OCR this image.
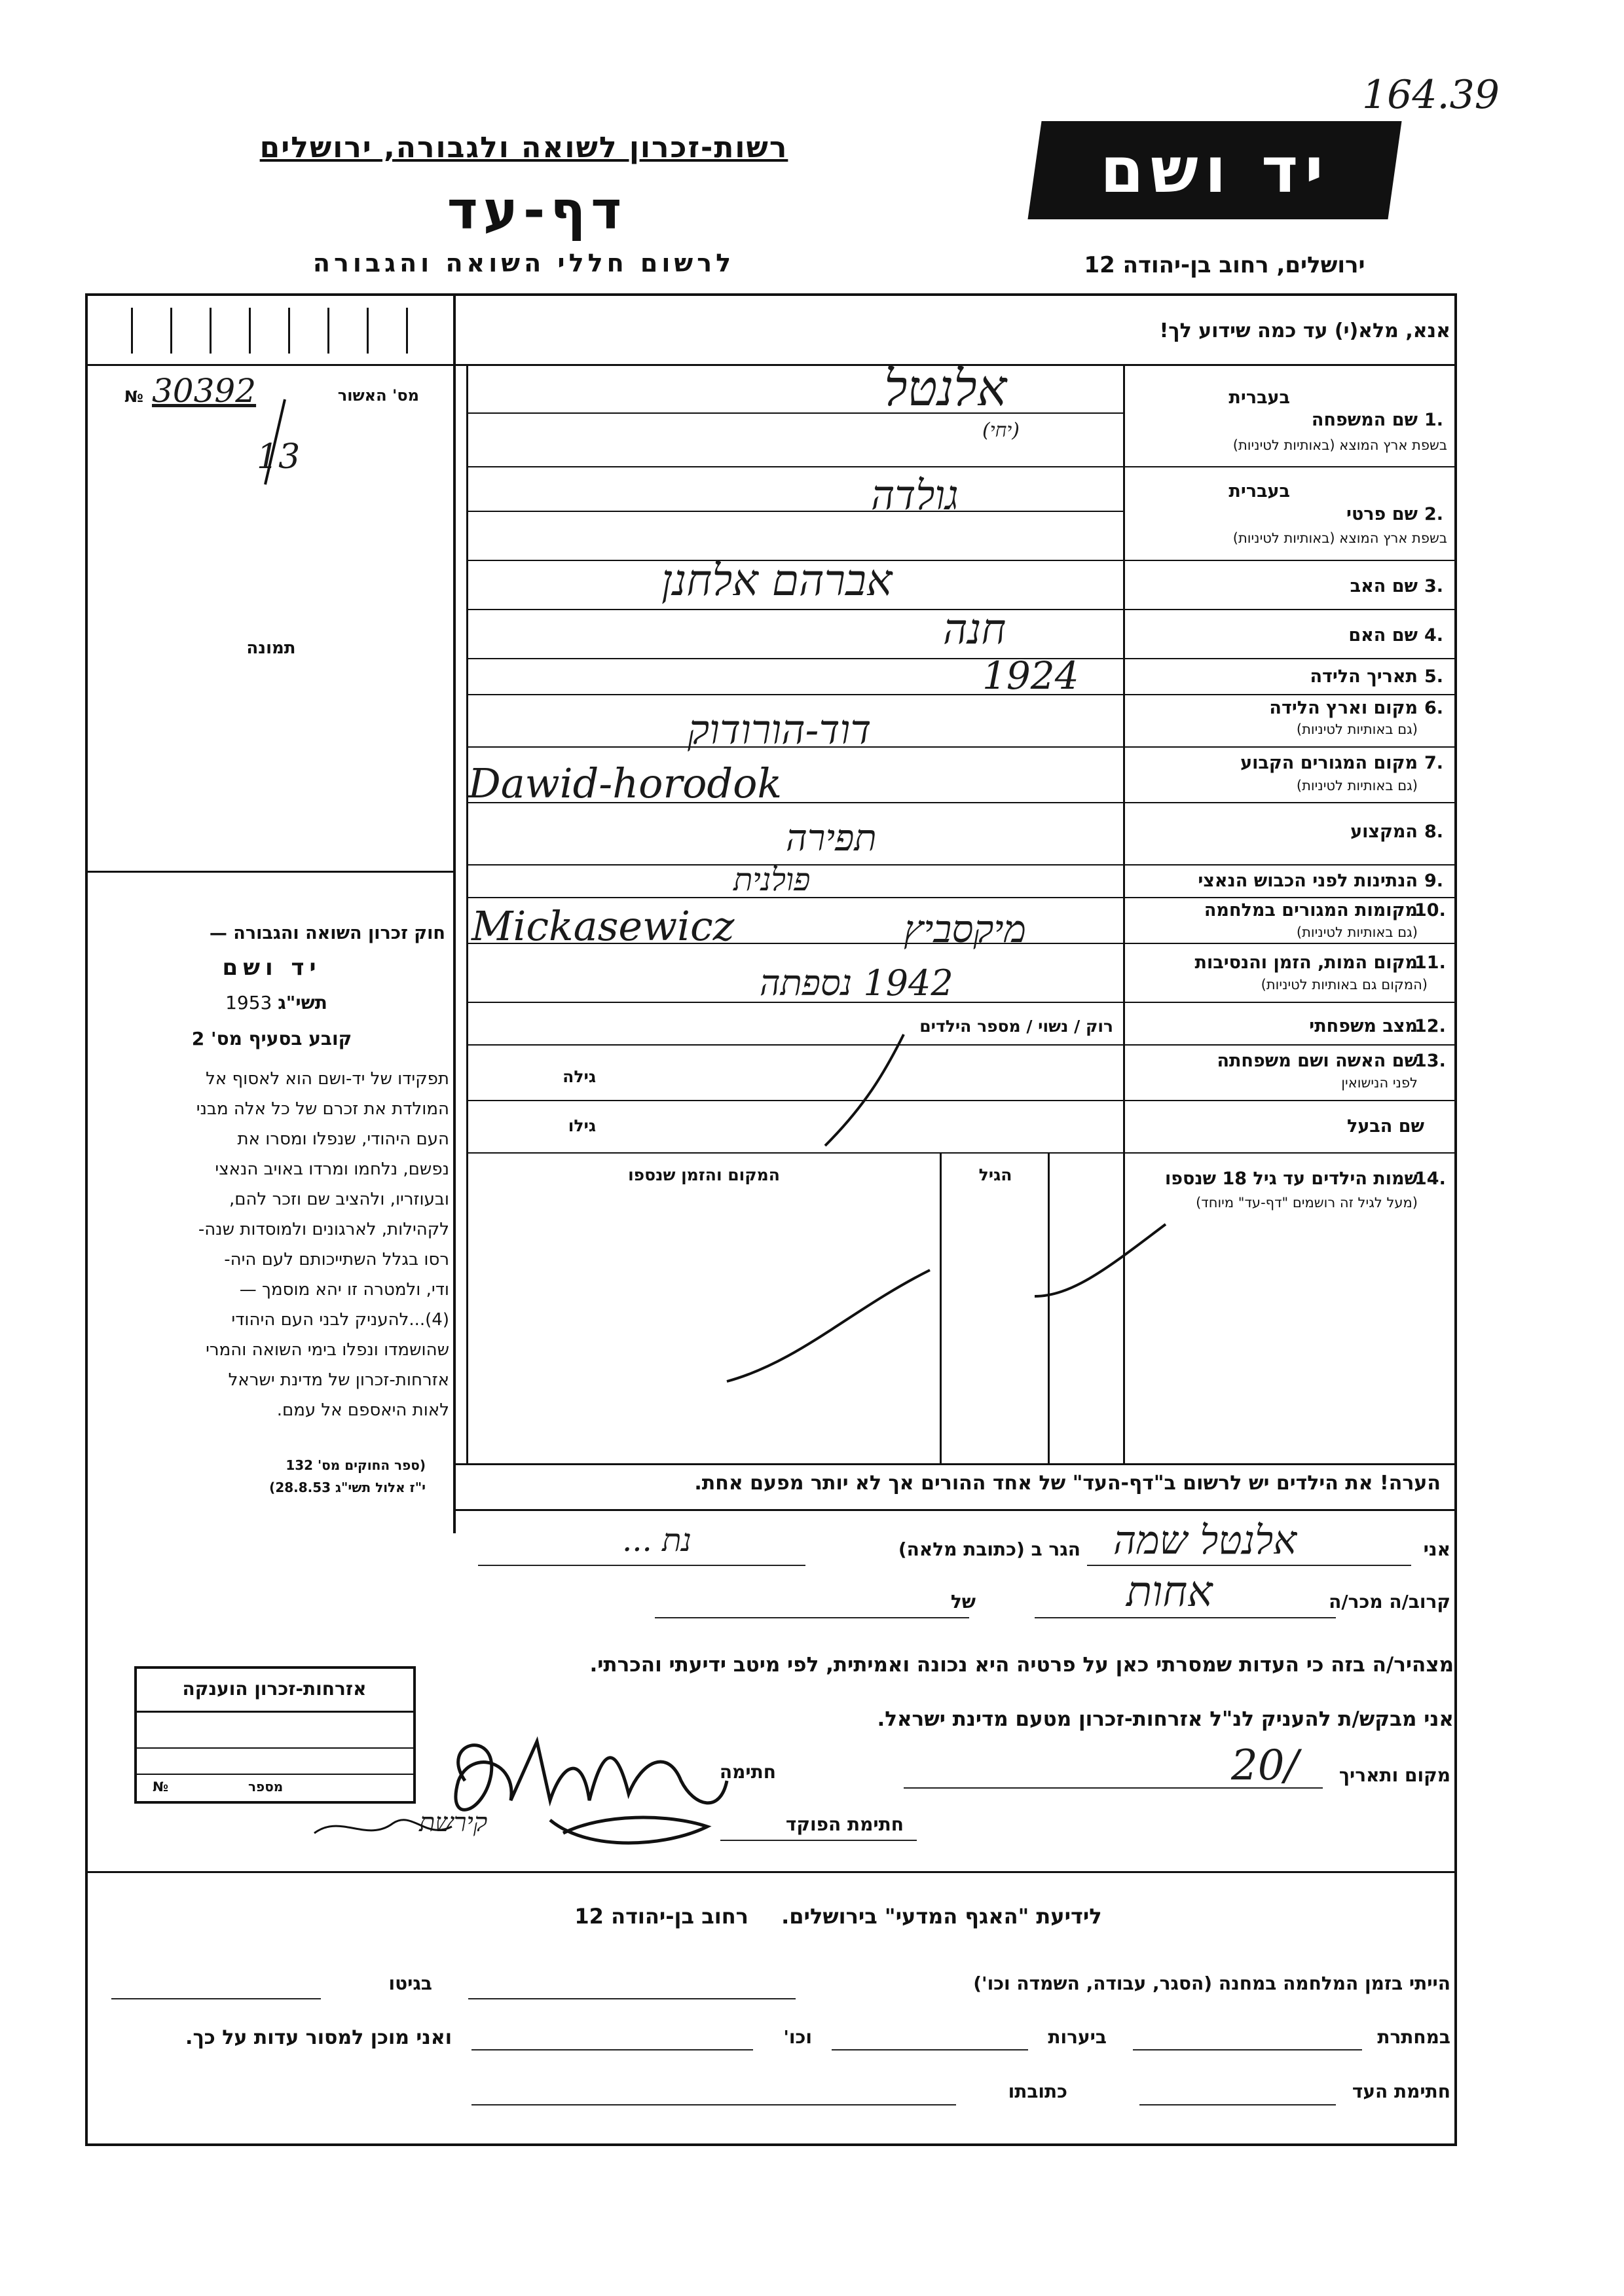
164.39
רשות-זכרון לשואה ולגבורה, ירושלים
דף-עד
לרשום חללי השואה והגבורה
יד ושם
ירושלים, רחוב בן-יהודה 12
אנא, מלא(י) עד כמה שידוע לך!
מס' האשור
№ 30392
13
תמונה
חוק זכרון השואה והגבורה —
יד ושם
תשי"ג 1953
קובע בסעיף מס' 2
תפקידו של יד-ושם הוא לאסוף אל
המולדת את זכרם של כל אלה מבני
העם היהודי, שנפלו ומסרו את
נפשם, נלחמו ומרדו באויב הנאצי
ובעוזריו, ולהציב שם וזכר להם,
לקהילות, לארגונים ולמוסדות שנה-
רסו בגלל השתייכותם לעם היה-
ודי, ולמטרה זו יהא מוסמך —
(4)...להעניק לבני העם היהודי
שהושמדו ונפלו בימי השואה והמרי
אזרחות-זכרון של מדינת ישראל
לאות היאספם אל עמם.
(ספר החוקים מס' 132
י"ז אלול תשי"ג 28.8.53)
בעברית
1.
שם המשפחה
בשפת ארץ המוצא (באותיות לטיניות)
אלנטל
(יחי)
בעברית
2.
שם פרטי
בשפת ארץ המוצא (באותיות לטיניות)
גולדה
3.
שם האב
אברהם אלחנן
4.
שם האם
חנה
5.
תאריך הלידה
1924
6.
מקום וארץ הלידה
(גם באותיות לטיניות)
דוד-הורודוק
7.
מקום המגורים הקבוע
(גם באותיות לטיניות)
Dawid-horodok
8.
המקצוע
תפירה
9.
הנתינות לפני הכבוש הנאצי
פולנית
10.
מקומות המגורים במלחמה
(גם באותיות לטיניות)
Mickasewicz	מיקסביץ
11.
מקום המות, הזמן והנסיבות
(המקום גם באותיות לטיניות)
1942 נספתה
12.
מצב משפחתי
רוק / נשוי / מספר הילדים
13.
שם האשה ושם משפחתה
לפני הנישואין
גילה
שם הבעל
גילו
14.
שמות הילדים עד גיל 18 שנספו
(מעל לגיל זה רושמים "דף-עד" מיוחד)
הגיל
המקום והזמן שנספו
הערה! את הילדים יש לרשום ב"דף-העד" של אחד ההורים אך לא יותר מפעם אחת.
אני
אלנטל שמה
הגר ב (כתובת מלאה)
נת ...
קרוב/ה מכר/ה
אחות
של
מצהיר/ה בזה כי העדות שמסרתי כאן על פרטיה היא נכונה ואמיתית, לפי מיטב ידיעתי והכרתי.
אני מבקש/ת להעניק לנ"ל אזרחות-זכרון מטעם מדינת ישראל.
מקום ותאריך
20/
חתימה
חתימת הפוקד
קירשת
אזרחות-זכרון הוענקה
מספר
№
לידיעת "האגף המדעי" בירושלים. רחוב בן-יהודה 12
הייתי בזמן המלחמה במחנה (הסגר, עבודה, השמדה וכו')
בגיטו
במחתרת
ביערות
וכו'
ואני מוכן למסור עדות על כך.
חתימת העד
כתובתו
